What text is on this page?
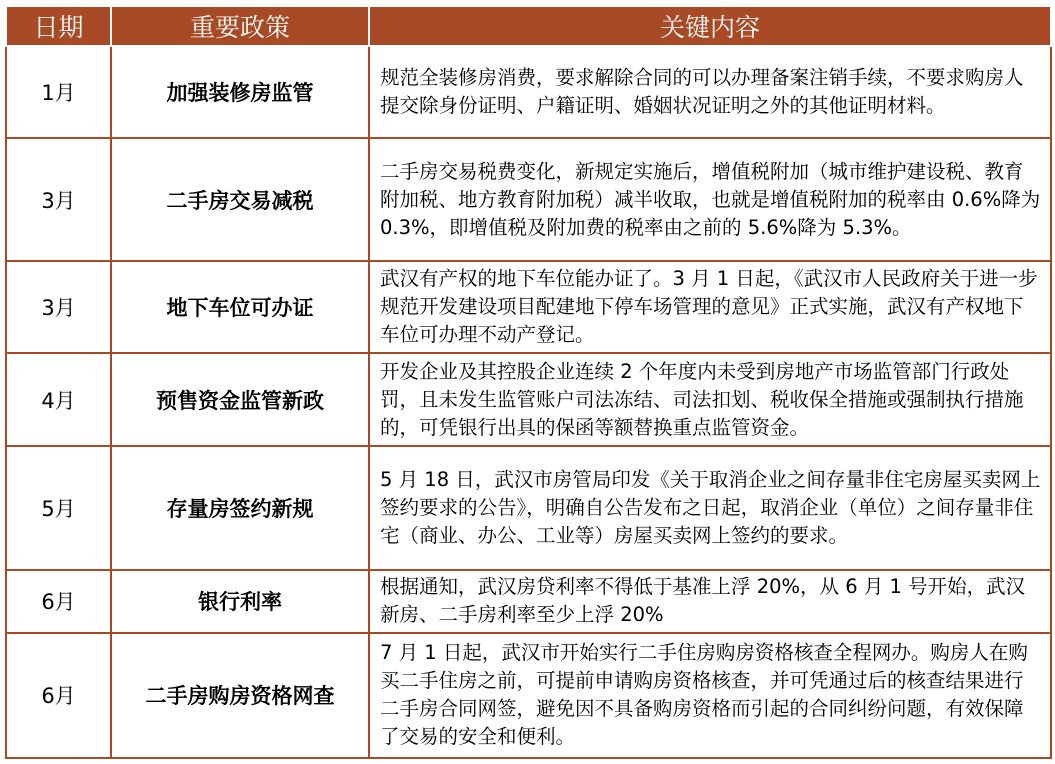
日期	重要政策	关键内容
1月	加强装修房监管	规范全装修房消费，要求解除合同的可以办理备案注销手续，不要求购房人提交除身份证明、户籍证明、婚姻状况证明之外的其他证明材料。
3月	二手房交易减税	二手房交易税费变化，新规定实施后，增值税附加（城市维护建设税、教育附加税、地方教育附加税）减半收取，也就是增值税附加的税率由 0.6%降为 0.3%，即增值税及附加费的税率由之前的 5.6%降为 5.3%。
3月	地下车位可办证	武汉有产权的地下车位能办证了。3 月 1 日起，《武汉市人民政府关于进一步规范开发建设项目配建地下停车场管理的意见》正式实施，武汉有产权地下车位可办理不动产登记。
4月	预售资金监管新政	开发企业及其控股企业连续 2 个年度内未受到房地产市场监管部门行政处罚，且未发生监管账户司法冻结、司法扣划、税收保全措施或强制执行措施的，可凭银行出具的保函等额替换重点监管资金。
5月	存量房签约新规	5 月 18 日，武汉市房管局印发《关于取消企业之间存量非住宅房屋买卖网上签约要求的公告》，明确自公告发布之日起，取消企业（单位）之间存量非住宅（商业、办公、工业等）房屋买卖网上签约的要求。
6月	银行利率	根据通知，武汉房贷利率不得低于基准上浮 20%，从 6 月 1 号开始，武汉新房、二手房利率至少上浮 20%
6月	二手房购房资格网查	7 月 1 日起，武汉市开始实行二手住房购房资格核查全程网办。购房人在购买二手住房之前，可提前申请购房资格核查，并可凭通过后的核查结果进行二手房合同网签，避免因不具备购房资格而引起的合同纠纷问题，有效保障了交易的安全和便利。
